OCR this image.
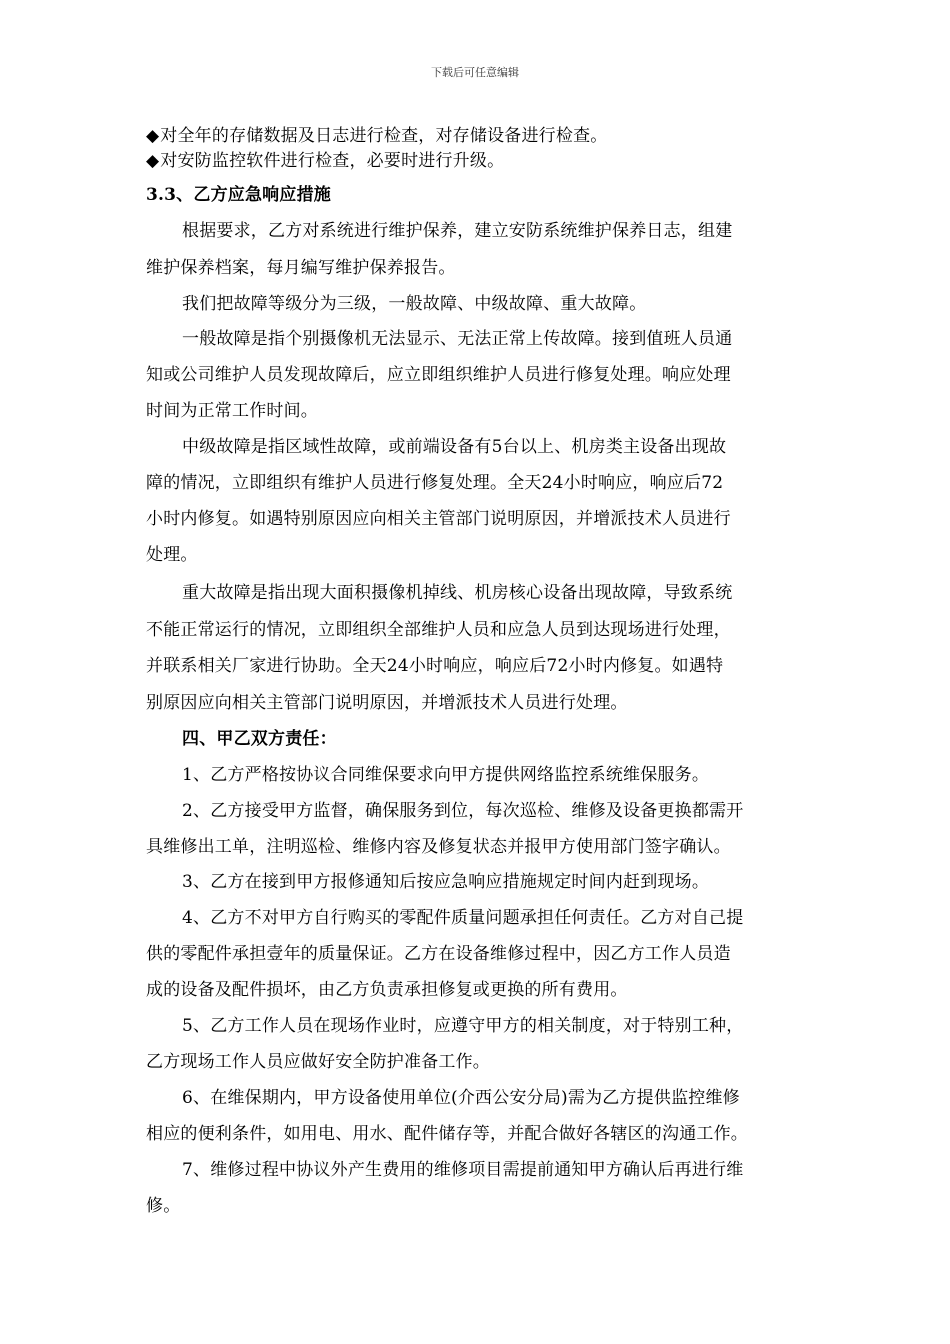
下载后可任意编辑
◆对全年的存储数据及日志进行检查，对存储设备进行检查。
◆对安防监控软件进行检查，必要时进行升级。
3.3、乙方应急响应措施
根据要求，乙方对系统进行维护保养，建立安防系统维护保养日志，组建
维护保养档案，每月编写维护保养报告。
我们把故障等级分为三级，一般故障、中级故障、重大故障。
一般故障是指个别摄像机无法显示、无法正常上传故障。接到值班人员通
知或公司维护人员发现故障后，应立即组织维护人员进行修复处理。响应处理
时间为正常工作时间。
中级故障是指区域性故障，或前端设备有5台以上、机房类主设备出现故
障的情况，立即组织有维护人员进行修复处理。全天24小时响应，响应后72
小时内修复。如遇特别原因应向相关主管部门说明原因，并增派技术人员进行
处理。
重大故障是指出现大面积摄像机掉线、机房核心设备出现故障，导致系统
不能正常运行的情况，立即组织全部维护人员和应急人员到达现场进行处理，
并联系相关厂家进行协助。全天24小时响应，响应后72小时内修复。如遇特
别原因应向相关主管部门说明原因，并增派技术人员进行处理。
四、甲乙双方责任：
1、乙方严格按协议合同维保要求向甲方提供网络监控系统维保服务。
2、乙方接受甲方监督，确保服务到位，每次巡检、维修及设备更换都需开
具维修出工单，注明巡检、维修内容及修复状态并报甲方使用部门签字确认。
3、乙方在接到甲方报修通知后按应急响应措施规定时间内赶到现场。
4、乙方不对甲方自行购买的零配件质量问题承担任何责任。乙方对自己提
供的零配件承担壹年的质量保证。乙方在设备维修过程中，因乙方工作人员造
成的设备及配件损坏，由乙方负责承担修复或更换的所有费用。
5、乙方工作人员在现场作业时，应遵守甲方的相关制度，对于特别工种，
乙方现场工作人员应做好安全防护准备工作。
6、在维保期内，甲方设备使用单位(介西公安分局)需为乙方提供监控维修
相应的便利条件，如用电、用水、配件储存等，并配合做好各辖区的沟通工作。
7、维修过程中协议外产生费用的维修项目需提前通知甲方确认后再进行维
修。
